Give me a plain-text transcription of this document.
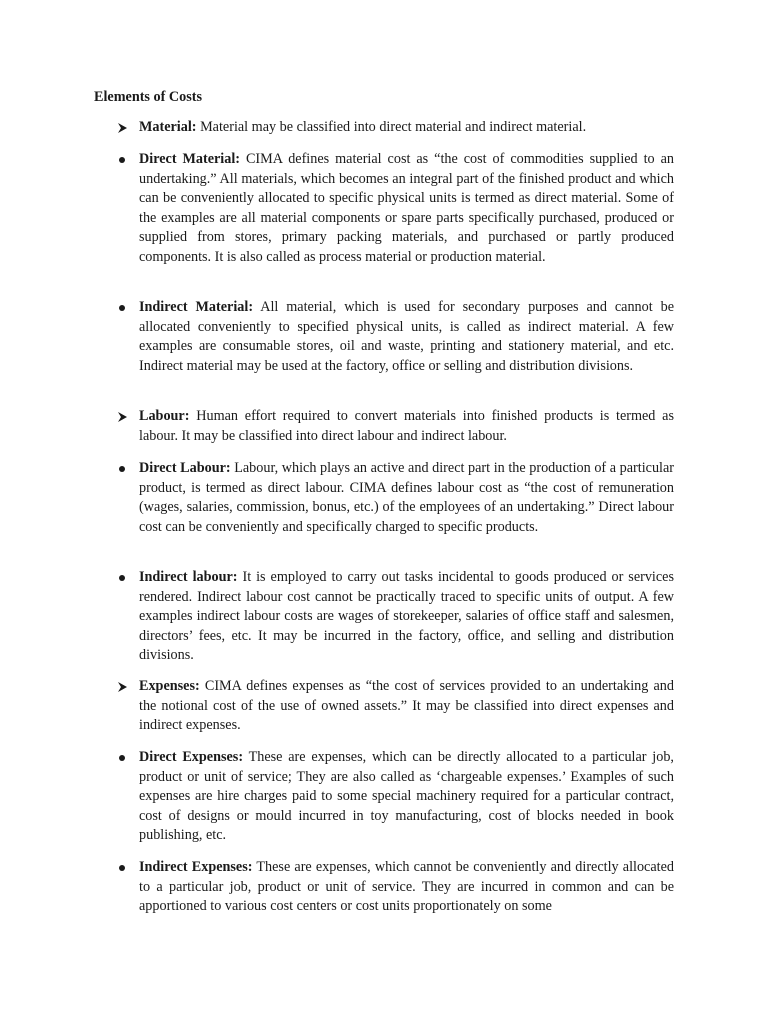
Elements of Costs
Material: Material may be classified into direct material and indirect material.
Direct Material: CIMA defines material cost as “the cost of commodities supplied to an undertaking.” All materials, which becomes an integral part of the finished product and which can be conveniently allocated to specific physical units is termed as direct material. Some of the examples are all material components or spare parts specifically purchased, produced or supplied from stores, primary packing materials, and purchased or partly produced components. It is also called as process material or production material.
Indirect Material: All material, which is used for secondary purposes and cannot be allocated conveniently to specified physical units, is called as indirect material. A few examples are consumable stores, oil and waste, printing and stationery material, and etc. Indirect material may be used at the factory, office or selling and distribution divisions.
Labour: Human effort required to convert materials into finished products is termed as labour. It may be classified into direct labour and indirect labour.
Direct Labour: Labour, which plays an active and direct part in the production of a particular product, is termed as direct labour. CIMA defines labour cost as “the cost of remuneration (wages, salaries, commission, bonus, etc.) of the employees of an undertaking.” Direct labour cost can be conveniently and specifically charged to specific products.
Indirect labour: It is employed to carry out tasks incidental to goods produced or services rendered. Indirect labour cost cannot be practically traced to specific units of output. A few examples indirect labour costs are wages of storekeeper, salaries of office staff and salesmen, directors’ fees, etc. It may be incurred in the factory, office, and selling and distribution divisions.
Expenses: CIMA defines expenses as “the cost of services provided to an undertaking and the notional cost of the use of owned assets.” It may be classified into direct expenses and indirect expenses.
Direct Expenses: These are expenses, which can be directly allocated to a particular job, product or unit of service; They are also called as ‘chargeable expenses.’ Examples of such expenses are hire charges paid to some special machinery required for a particular contract, cost of designs or mould incurred in toy manufacturing, cost of blocks needed in book publishing, etc.
Indirect Expenses: These are expenses, which cannot be conveniently and directly allocated to a particular job, product or unit of service. They are incurred in common and can be apportioned to various cost centers or cost units proportionately on some
